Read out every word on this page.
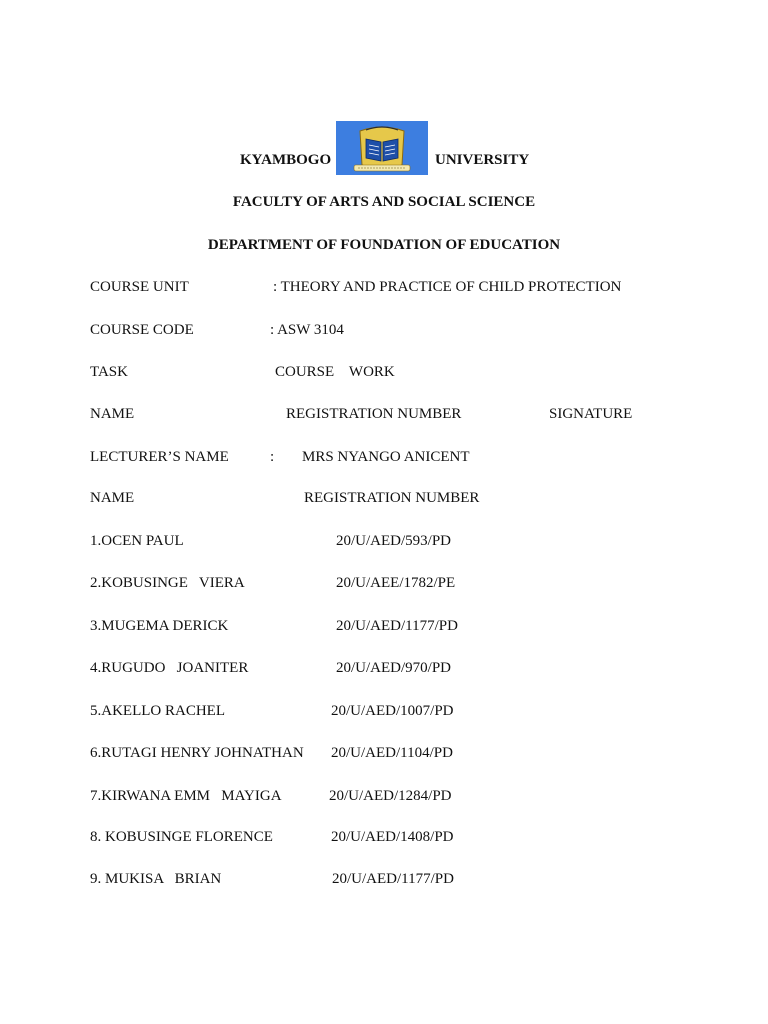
KYAMBOGO	UNIVERSITY
FACULTY OF ARTS AND SOCIAL SCIENCE
DEPARTMENT OF FOUNDATION OF EDUCATION
COURSE UNIT	: THEORY AND PRACTICE OF CHILD PROTECTION
COURSE CODE	: ASW 3104
TASK	COURSE    WORK
NAME	REGISTRATION NUMBER	SIGNATURE
LECTURER’S NAME	: MRS NYANGO ANICENT
NAME	REGISTRATION NUMBER
1.OCEN PAUL	20/U/AED/593/PD
2.KOBUSINGE   VIERA	20/U/AEE/1782/PE
3.MUGEMA DERICK	20/U/AED/1177/PD
4.RUGUDO   JOANITER	20/U/AED/970/PD
5.AKELLO RACHEL	20/U/AED/1007/PD
6.RUTAGI HENRY JOHNATHAN 20/U/AED/1104/PD
7.KIRWANA EMM   MAYIGA	20/U/AED/1284/PD
8. KOBUSINGE FLORENCE	20/U/AED/1408/PD
9. MUKISA   BRIAN	20/U/AED/1177/PD
